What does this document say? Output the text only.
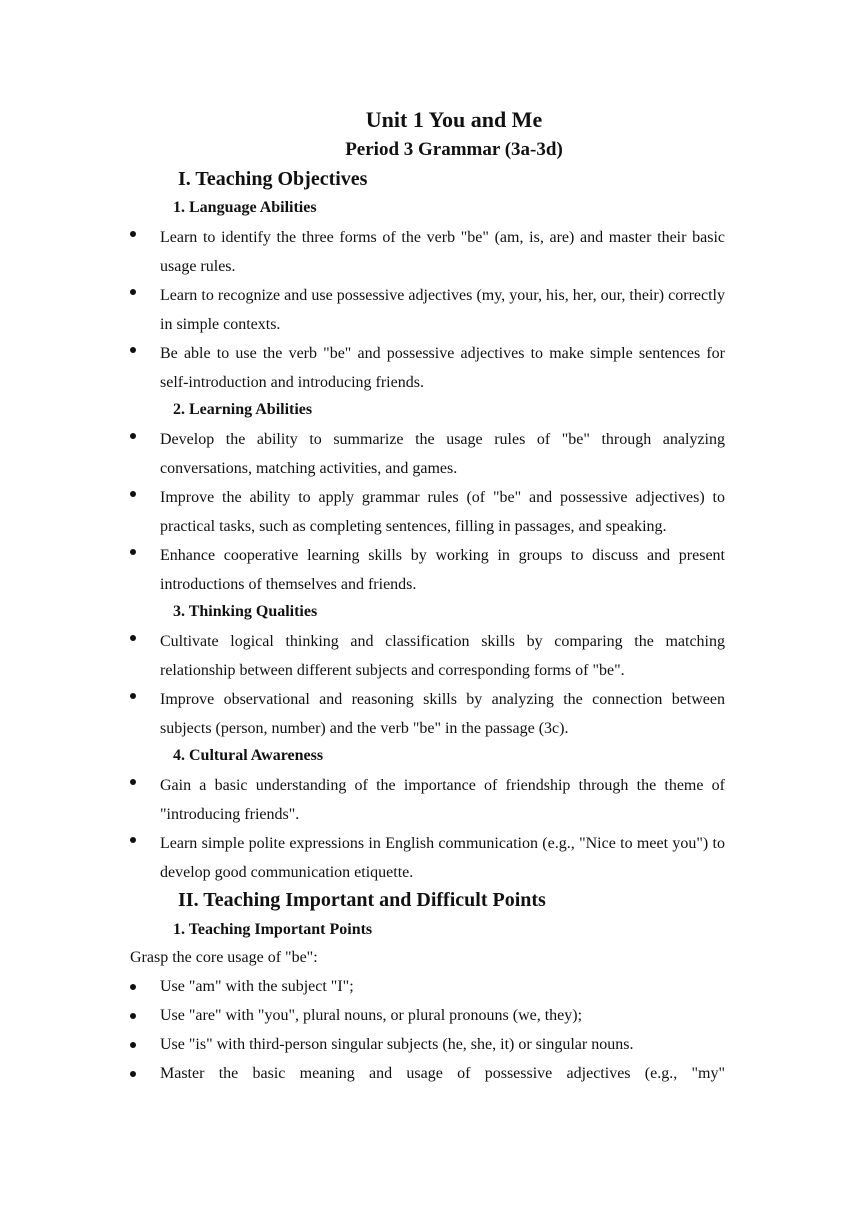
Unit 1 You and Me
Period 3 Grammar (3a-3d)
I. Teaching Objectives
1. Language Abilities
Learn to identify the three forms of the verb "be" (am, is, are) and master their basic usage rules.
Learn to recognize and use possessive adjectives (my, your, his, her, our, their) correctly in simple contexts.
Be able to use the verb "be" and possessive adjectives to make simple sentences for self-introduction and introducing friends.
2. Learning Abilities
Develop the ability to summarize the usage rules of "be" through analyzing conversations, matching activities, and games.
Improve the ability to apply grammar rules (of "be" and possessive adjectives) to practical tasks, such as completing sentences, filling in passages, and speaking.
Enhance cooperative learning skills by working in groups to discuss and present introductions of themselves and friends.
3. Thinking Qualities
Cultivate logical thinking and classification skills by comparing the matching relationship between different subjects and corresponding forms of "be".
Improve observational and reasoning skills by analyzing the connection between subjects (person, number) and the verb "be" in the passage (3c).
4. Cultural Awareness
Gain a basic understanding of the importance of friendship through the theme of "introducing friends".
Learn simple polite expressions in English communication (e.g., "Nice to meet you") to develop good communication etiquette.
II. Teaching Important and Difficult Points
1. Teaching Important Points
Grasp the core usage of "be":
Use "am" with the subject "I";
Use "are" with "you", plural nouns, or plural pronouns (we, they);
Use "is" with third-person singular subjects (he, she, it) or singular nouns.
Master the basic meaning and usage of possessive adjectives (e.g., "my"
